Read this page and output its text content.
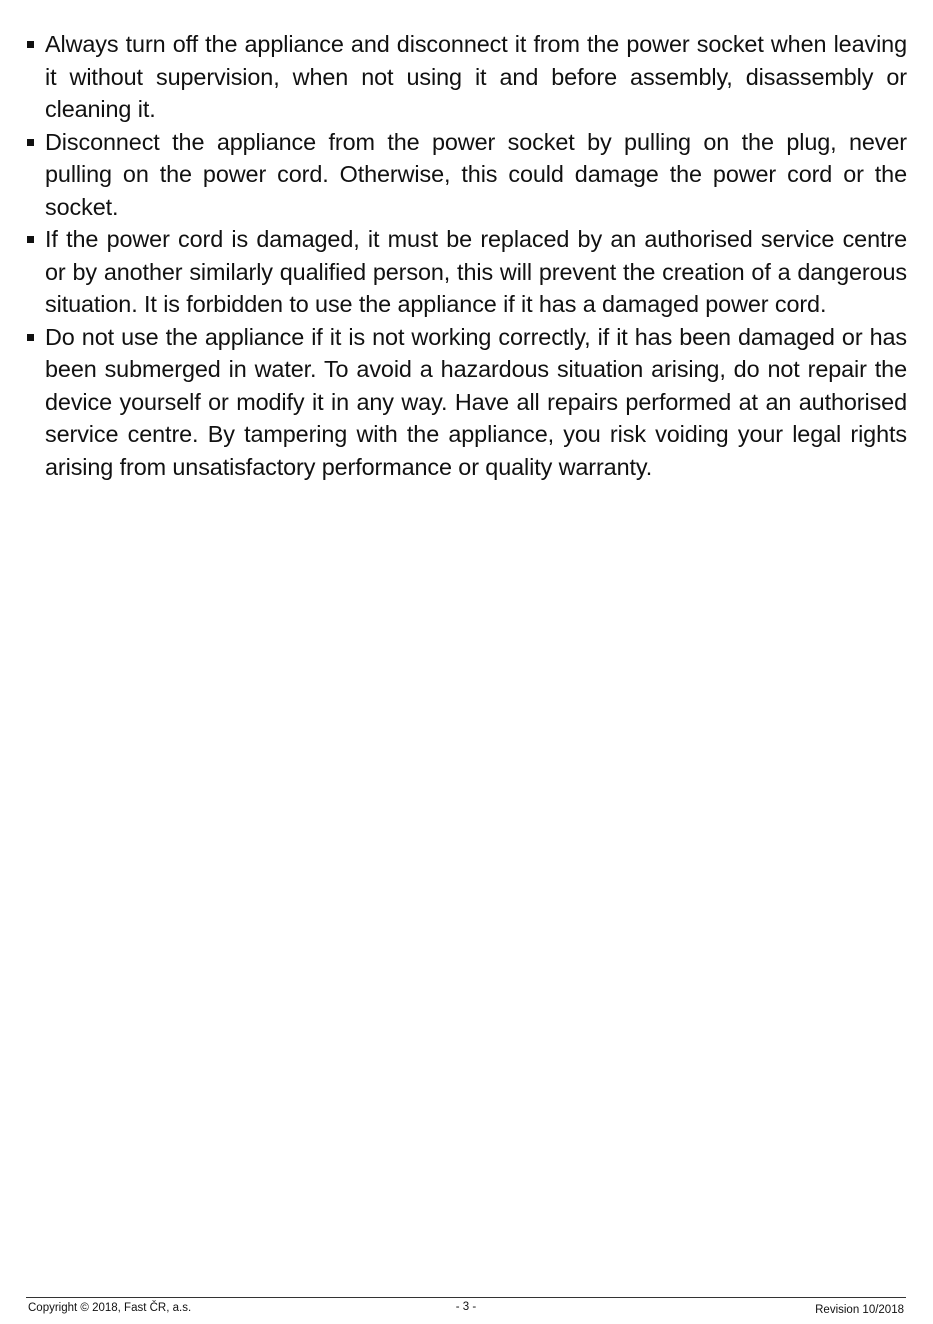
Always turn off the appliance and disconnect it from the power socket when leaving it without supervision, when not using it and before assembly, disassembly or cleaning it.
Disconnect the appliance from the power socket by pulling on the plug, never pulling on the power cord. Otherwise, this could damage the power cord or the socket.
If the power cord is damaged, it must be replaced by an authorised service centre or by another similarly qualified person, this will prevent the creation of a dangerous situation. It is forbidden to use the appliance if it has a damaged power cord.
Do not use the appliance if it is not working correctly, if it has been damaged or has been submerged in water. To avoid a hazardous situation arising, do not repair the device yourself or modify it in any way. Have all repairs performed at an authorised service centre. By tampering with the appliance, you risk voiding your legal rights arising from unsatisfactory performance or quality warranty.
Copyright © 2018, Fast ČR, a.s.	- 3 -	Revision 10/2018
